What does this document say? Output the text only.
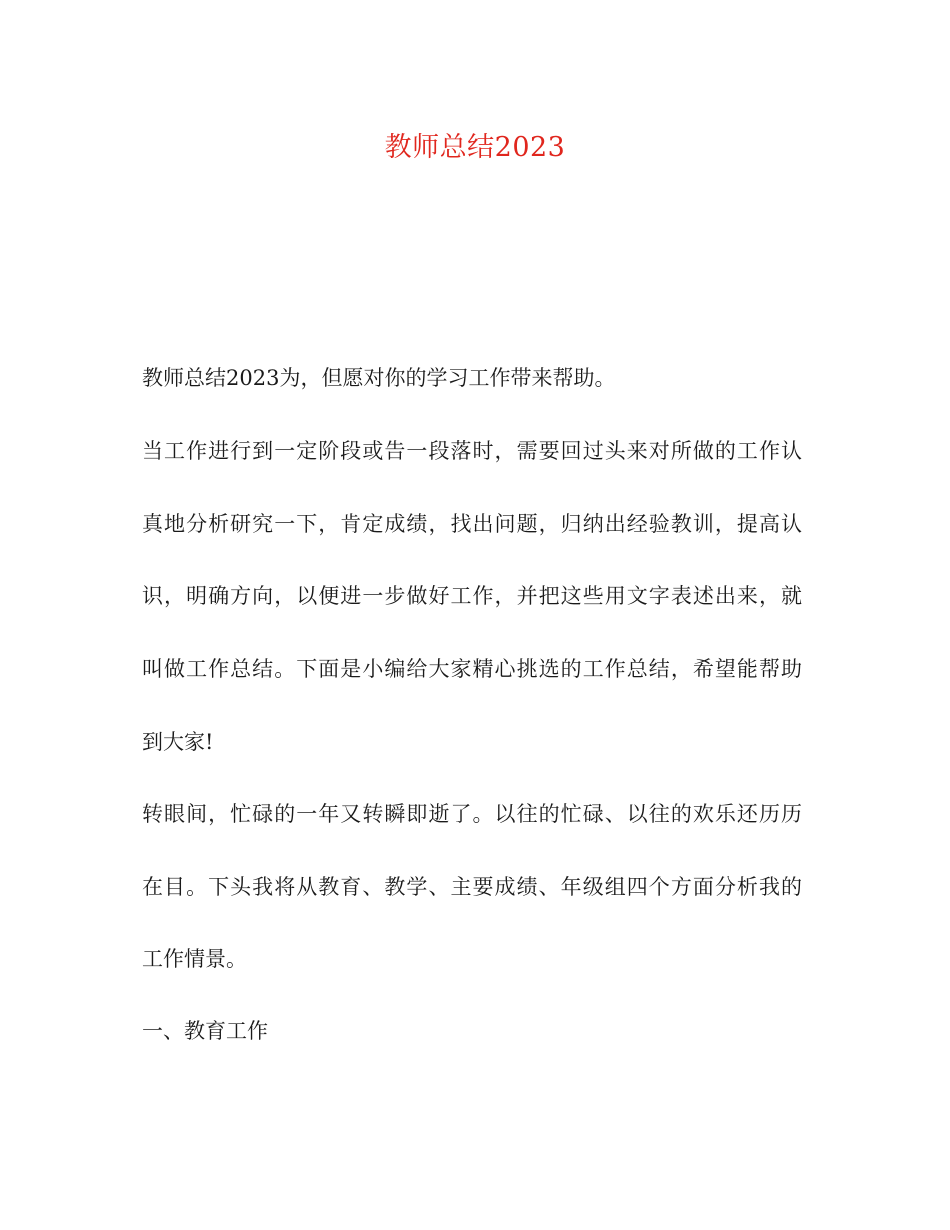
教师总结2023
教师总结2023为，但愿对你的学习工作带来帮助。
当工作进行到一定阶段或告一段落时，需要回过头来对所做的工作认
真地分析研究一下，肯定成绩，找出问题，归纳出经验教训，提高认
识，明确方向，以便进一步做好工作，并把这些用文字表述出来，就
叫做工作总结。下面是小编给大家精心挑选的工作总结，希望能帮助
到大家!
转眼间，忙碌的一年又转瞬即逝了。以往的忙碌、以往的欢乐还历历
在目。下头我将从教育、教学、主要成绩、年级组四个方面分析我的
工作情景。
一、教育工作
